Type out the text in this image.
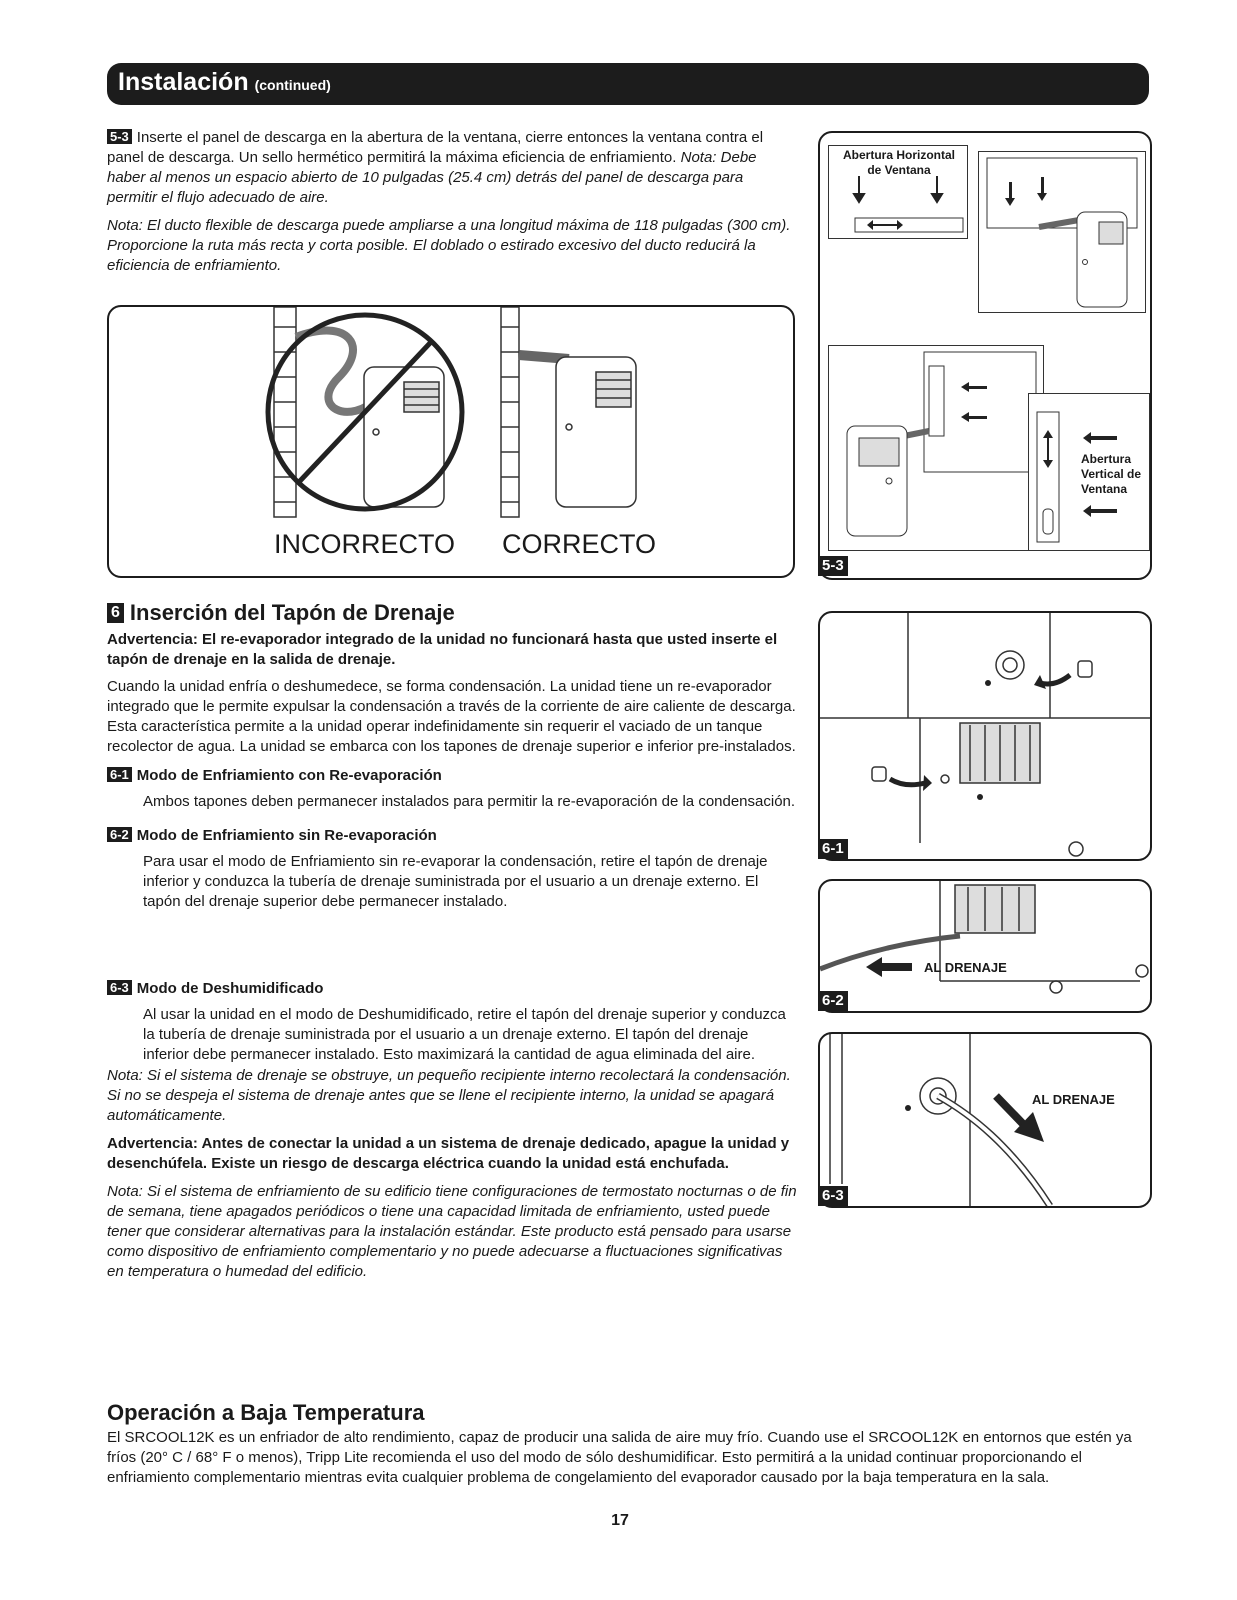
Instalación (continued)

5-3 Inserte el panel de descarga en la abertura de la ventana, cierre entonces la ventana contra el panel de descarga. Un sello hermético permitirá la máxima eficiencia de enfriamiento. Nota: Debe haber al menos un espacio abierto de 10 pulgadas (25.4 cm) detrás del panel de descarga para permitir el flujo adecuado de aire.

Nota: El ducto flexible de descarga puede ampliarse a una longitud máxima de 118 pulgadas (300 cm). Proporcione la ruta más recta y corta posible. El doblado o estirado excesivo del ducto reducirá la eficiencia de enfriamiento.

INCORRECTO CORRECTO
Abertura Horizontal de Ventana
Abertura
Vertical de
Ventana
5-3
6 Inserción del Tapón de Drenaje

Advertencia: El re-evaporador integrado de la unidad no funcionará hasta que usted inserte el tapón de drenaje en la salida de drenaje.

Cuando la unidad enfría o deshumedece, se forma condensación. La unidad tiene un re-evaporador integrado que le permite expulsar la condensación a través de la corriente de aire caliente de descarga. Esta característica permite a la unidad operar indefinidamente sin requerir el vaciado de un tanque recolector de agua. La unidad se embarca con los tapones de drenaje superior e inferior pre-instalados.

6-1 Modo de Enfriamiento con Re-evaporación

Ambos tapones deben permanecer instalados para permitir la re-evaporación de la condensación.

6-2 Modo de Enfriamiento sin Re-evaporación

Para usar el modo de Enfriamiento sin re-evaporar la condensación, retire el tapón de drenaje inferior y conduzca la tubería de drenaje suministrada por el usuario a un drenaje externo. El tapón del drenaje superior debe permanecer instalado.

6-3 Modo de Deshumidificado

Al usar la unidad en el modo de Deshumidificado, retire el tapón del drenaje superior y conduzca la tubería de drenaje suministrada por el usuario a un drenaje externo. El tapón del drenaje inferior debe permanecer instalado. Esto maximizará la cantidad de agua eliminada del aire.

Nota: Si el sistema de drenaje se obstruye, un pequeño recipiente interno recolectará la condensación. Si no se despeja el sistema de drenaje antes que se llene el recipiente interno, la unidad se apagará automáticamente.

Advertencia: Antes de conectar la unidad a un sistema de drenaje dedicado, apague la unidad y desenchúfela. Existe un riesgo de descarga eléctrica cuando la unidad está enchufada.

Nota: Si el sistema de enfriamiento de su edificio tiene configuraciones de termostato nocturnas o de fin de semana, tiene apagados periódicos o tiene una capacidad limitada de enfriamiento, usted puede tener que considerar alternativas para la instalación estándar. Este producto está pensado para usarse como dispositivo de enfriamiento complementario y no puede adecuarse a fluctuaciones significativas en temperatura o humedad del edificio.

6-1
AL DRENAJE
6-2
AL DRENAJE
6-3
Operación a Baja Temperatura

El SRCOOL12K es un enfriador de alto rendimiento, capaz de producir una salida de aire muy frío. Cuando use el SRCOOL12K en entornos que estén ya fríos (20° C / 68° F o menos), Tripp Lite recomienda el uso del modo de sólo deshumidificar. Esto permitirá a la unidad continuar proporcionando el enfriamiento complementario mientras evita cualquier problema de congelamiento del evaporador causado por la baja temperatura en la sala.

17
